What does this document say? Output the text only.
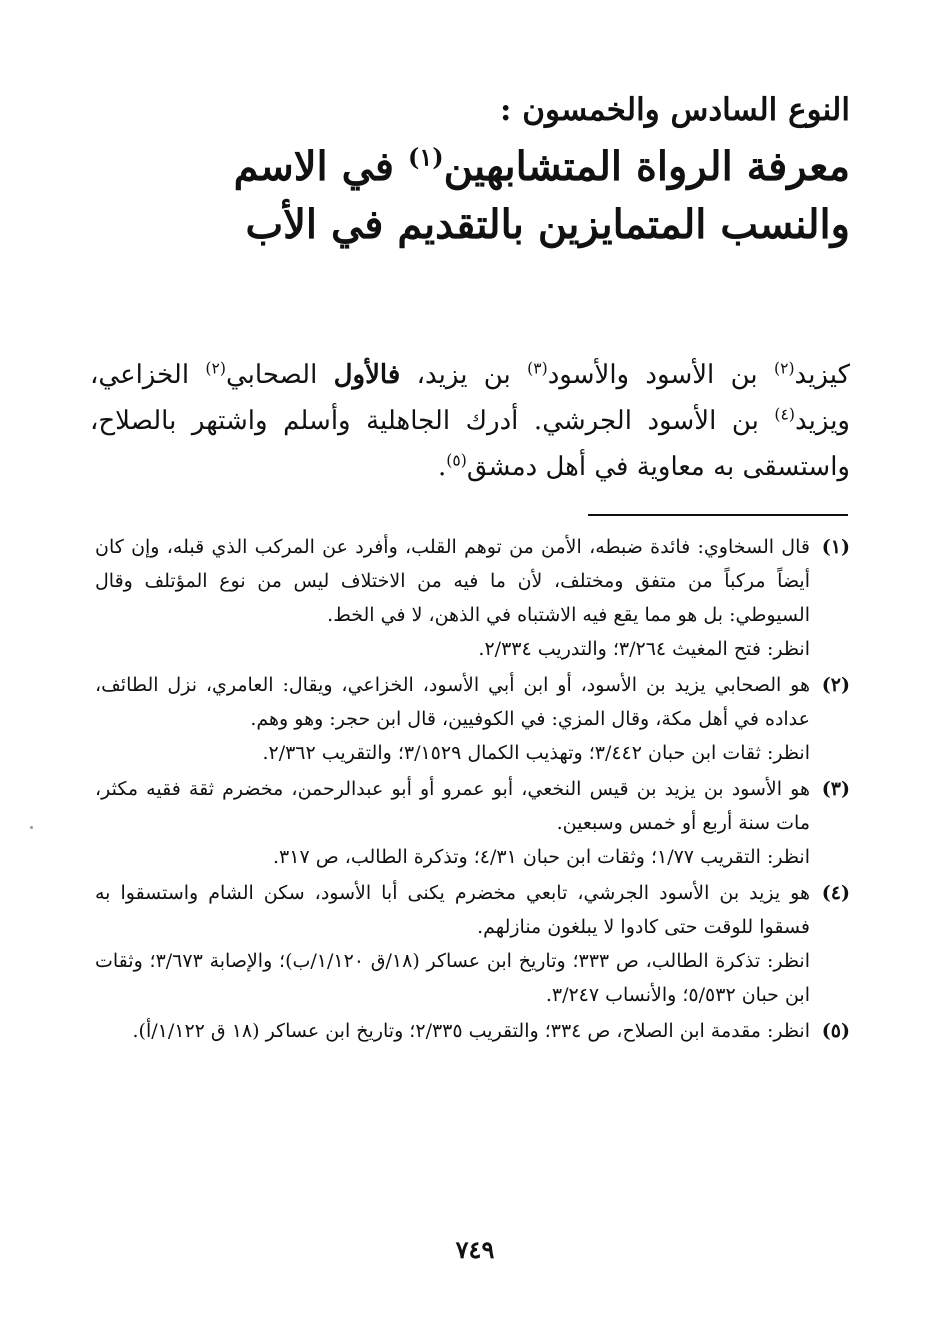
النوع السادس والخمسون :
معرفة الرواة المتشابهين$^{(١)}$ في الاسم
والنسب المتمايزين بالتقديم في الأب
كيزيد$^{(٢)}$ بن الأسود والأسود$^{(٣)}$ بن يزيد، فالأول الصحابي$^{(٢)}$ الخزاعي، ويزيد$^{(٤)}$ بن الأسود الجرشي. أدرك الجاهلية وأسلم واشتهر بالصلاح، واستسقى به معاوية في أهل دمشق$^{(٥)}$.
(١)

قال السخاوي: فائدة ضبطه، الأمن من توهم القلب، وأفرد عن المركب الذي قبله، وإن كان أيضاً مركباً من متفق ومختلف، لأن ما فيه من الاختلاف ليس من نوع المؤتلف وقال السيوطي: بل هو مما يقع فيه الاشتباه في الذهن، لا في الخط.

انظر: فتح المغيث ٣/٢٦٤؛ والتدريب ٢/٣٣٤.

(٢)

هو الصحابي يزيد بن الأسود، أو ابن أبي الأسود، الخزاعي، ويقال: العامري، نزل الطائف، عداده في أهل مكة، وقال المزي: في الكوفيين، قال ابن حجر: وهو وهم.

انظر: ثقات ابن حبان ٣/٤٤٢؛ وتهذيب الكمال ٣/١٥٢٩؛ والتقريب ٢/٣٦٢.

(٣)

هو الأسود بن يزيد بن قيس النخعي، أبو عمرو أو أبو عبدالرحمن، مخضرم ثقة فقيه مكثر، مات سنة أربع أو خمس وسبعين.

انظر: التقريب ١/٧٧؛ وثقات ابن حبان ٤/٣١؛ وتذكرة الطالب، ص ٣١٧.

(٤)

هو يزيد بن الأسود الجرشي، تابعي مخضرم يكنى أبا الأسود، سكن الشام واستسقوا به فسقوا للوقت حتى كادوا لا يبلغون منازلهم.

انظر: تذكرة الطالب، ص ٣٣٣؛ وتاريخ ابن عساكر (١٨/ق ١/١٢٠/ب)؛ والإصابة ٣/٦٧٣؛ وثقات ابن حبان ٥/٥٣٢؛ والأنساب ٣/٢٤٧.

(٥)

انظر: مقدمة ابن الصلاح، ص ٣٣٤؛ والتقريب ٢/٣٣٥؛ وتاريخ ابن عساكر (١٨ ق ١/١٢٢/أ).

٧٤٩
